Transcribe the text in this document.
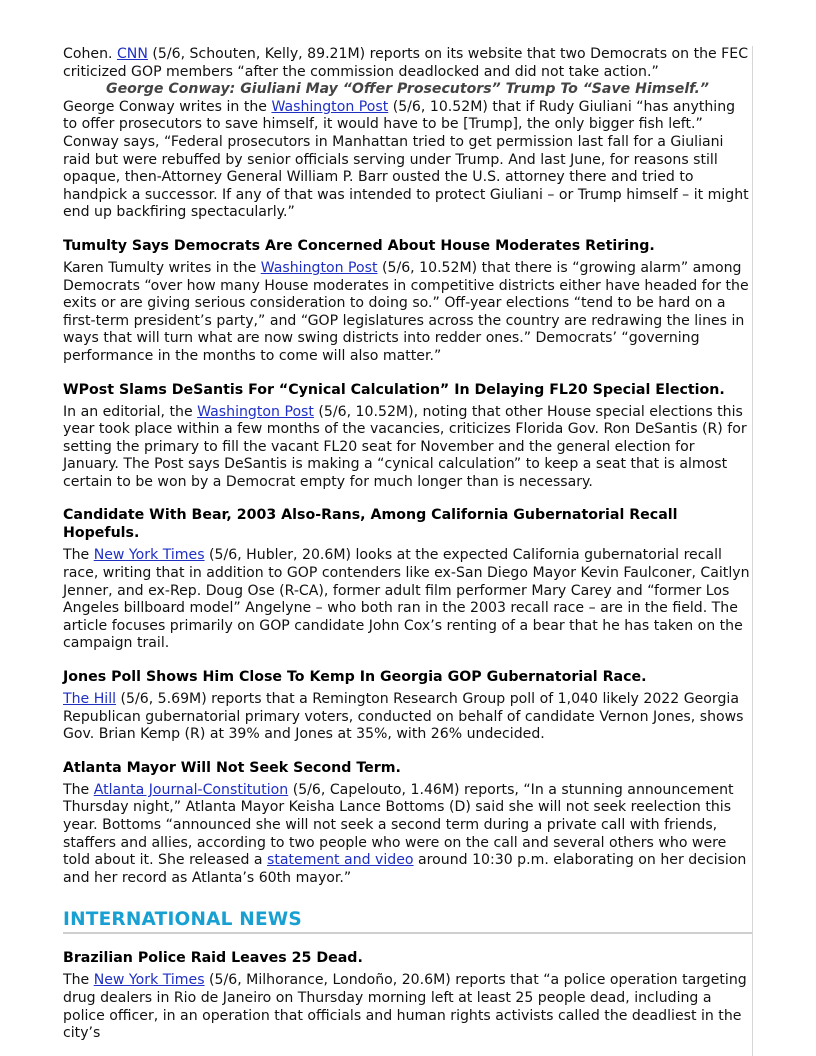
Cohen. CNN (5/6, Schouten, Kelly, 89.21M) reports on its website that two Democrats on the FEC criticized GOP members “after the commission deadlocked and did not take action.”

George Conway: Giuliani May “Offer Prosecutors” Trump To “Save Himself.”

George Conway writes in the Washington Post (5/6, 10.52M) that if Rudy Giuliani “has anything to offer prosecutors to save himself, it would have to be [Trump], the only bigger fish left.” Conway says, “Federal prosecutors in Manhattan tried to get permission last fall for a Giuliani raid but were rebuffed by senior officials serving under Trump. And last June, for reasons still opaque, then-Attorney General William P. Barr ousted the U.S. attorney there and tried to handpick a successor. If any of that was intended to protect Giuliani – or Trump himself – it might end up backfiring spectacularly.”

Tumulty Says Democrats Are Concerned About House Moderates Retiring.

Karen Tumulty writes in the Washington Post (5/6, 10.52M) that there is “growing alarm” among Democrats “over how many House moderates in competitive districts either have headed for the exits or are giving serious consideration to doing so.” Off-year elections “tend to be hard on a first-term president’s party,” and “GOP legislatures across the country are redrawing the lines in ways that will turn what are now swing districts into redder ones.” Democrats’ “governing performance in the months to come will also matter.”

WPost Slams DeSantis For “Cynical Calculation” In Delaying FL20 Special Election.

In an editorial, the Washington Post (5/6, 10.52M), noting that other House special elections this year took place within a few months of the vacancies, criticizes Florida Gov. Ron DeSantis (R) for setting the primary to fill the vacant FL20 seat for November and the general election for January. The Post says DeSantis is making a “cynical calculation” to keep a seat that is almost certain to be won by a Democrat empty for much longer than is necessary.

Candidate With Bear, 2003 Also-Rans, Among California Gubernatorial Recall Hopefuls.

The New York Times (5/6, Hubler, 20.6M) looks at the expected California gubernatorial recall race, writing that in addition to GOP contenders like ex-San Diego Mayor Kevin Faulconer, Caitlyn Jenner, and ex-Rep. Doug Ose (R-CA), former adult film performer Mary Carey and “former Los Angeles billboard model” Angelyne – who both ran in the 2003 recall race – are in the field. The article focuses primarily on GOP candidate John Cox’s renting of a bear that he has taken on the campaign trail.

Jones Poll Shows Him Close To Kemp In Georgia GOP Gubernatorial Race.

The Hill (5/6, 5.69M) reports that a Remington Research Group poll of 1,040 likely 2022 Georgia Republican gubernatorial primary voters, conducted on behalf of candidate Vernon Jones, shows Gov. Brian Kemp (R) at 39% and Jones at 35%, with 26% undecided.

Atlanta Mayor Will Not Seek Second Term.

The Atlanta Journal-Constitution (5/6, Capelouto, 1.46M) reports, “In a stunning announcement Thursday night,” Atlanta Mayor Keisha Lance Bottoms (D) said she will not seek reelection this year. Bottoms “announced she will not seek a second term during a private call with friends, staffers and allies, according to two people who were on the call and several others who were told about it. She released a statement and video around 10:30 p.m. elaborating on her decision and her record as Atlanta’s 60th mayor.”

INTERNATIONAL NEWS
Brazilian Police Raid Leaves 25 Dead.

The New York Times (5/6, Milhorance, Londoño, 20.6M) reports that “a police operation targeting drug dealers in Rio de Janeiro on Thursday morning left at least 25 people dead, including a police officer, in an operation that officials and human rights activists called the deadliest in the city’s
